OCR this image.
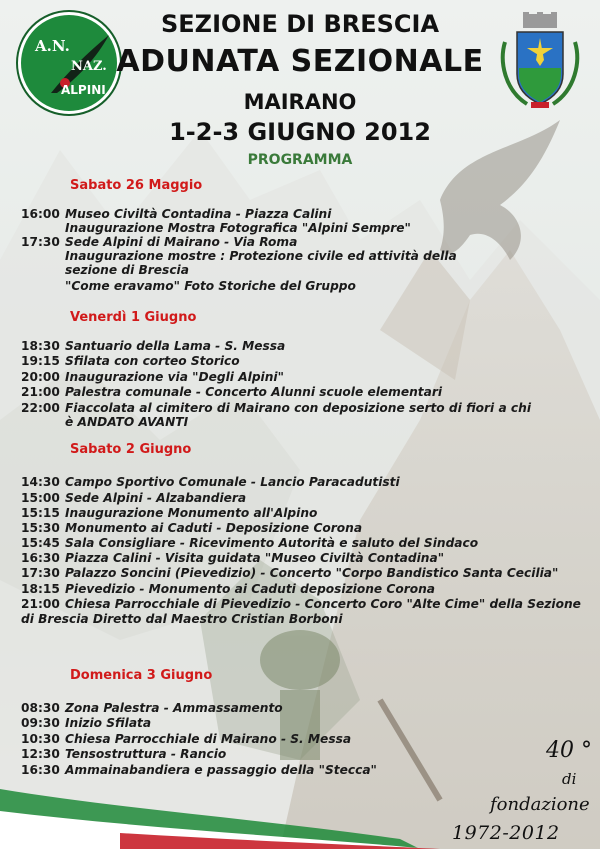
A.N.
NAZ.
ALPINI
SEZIONE DI BRESCIA
ADUNATA SEZIONALE
MAIRANO
1-2-3 GIUGNO 2012
PROGRAMMA
Sabato 26 Maggio
16:00 Museo Civiltà Contadina - Piazza Calini
Inaugurazione Mostra Fotografica "Alpini Sempre"
17:30 Sede Alpini di Mairano - Via Roma
Inaugurazione mostre : Protezione civile ed attività della
sezione di Brescia
"Come eravamo" Foto Storiche del Gruppo
Venerdì 1 Giugno
18:30 Santuario della Lama - S. Messa
19:15 Sfilata con corteo Storico
20:00 Inaugurazione via "Degli Alpini"
21:00 Palestra comunale - Concerto Alunni scuole elementari
22:00 Fiaccolata al cimitero di Mairano con deposizione serto di fiori a chi
è ANDATO AVANTI
Sabato 2 Giugno
14:30 Campo Sportivo Comunale - Lancio Paracadutisti
15:00 Sede Alpini - Alzabandiera
15:15 Inaugurazione Monumento all'Alpino
15:30 Monumento ai Caduti - Deposizione Corona
15:45 Sala Consigliare - Ricevimento Autorità e saluto del Sindaco
16:30 Piazza Calini - Visita guidata "Museo Civiltà Contadina"
17:30 Palazzo Soncini (Pievedizio) - Concerto "Corpo Bandistico Santa Cecilia"
18:15 Pievedizio - Monumento ai Caduti deposizione Corona
21:00 Chiesa Parrocchiale di Pievedizio - Concerto Coro "Alte Cime" della Sezione
di Brescia Diretto dal Maestro Cristian Borboni
Domenica 3 Giugno
08:30 Zona Palestra - Ammassamento
09:30 Inizio Sfilata
10:30 Chiesa Parrocchiale di Mairano - S. Messa
12:30 Tensostruttura - Rancio
16:30 Ammainabandiera e passaggio della "Stecca"
40 °
di
fondazione
1972-2012
